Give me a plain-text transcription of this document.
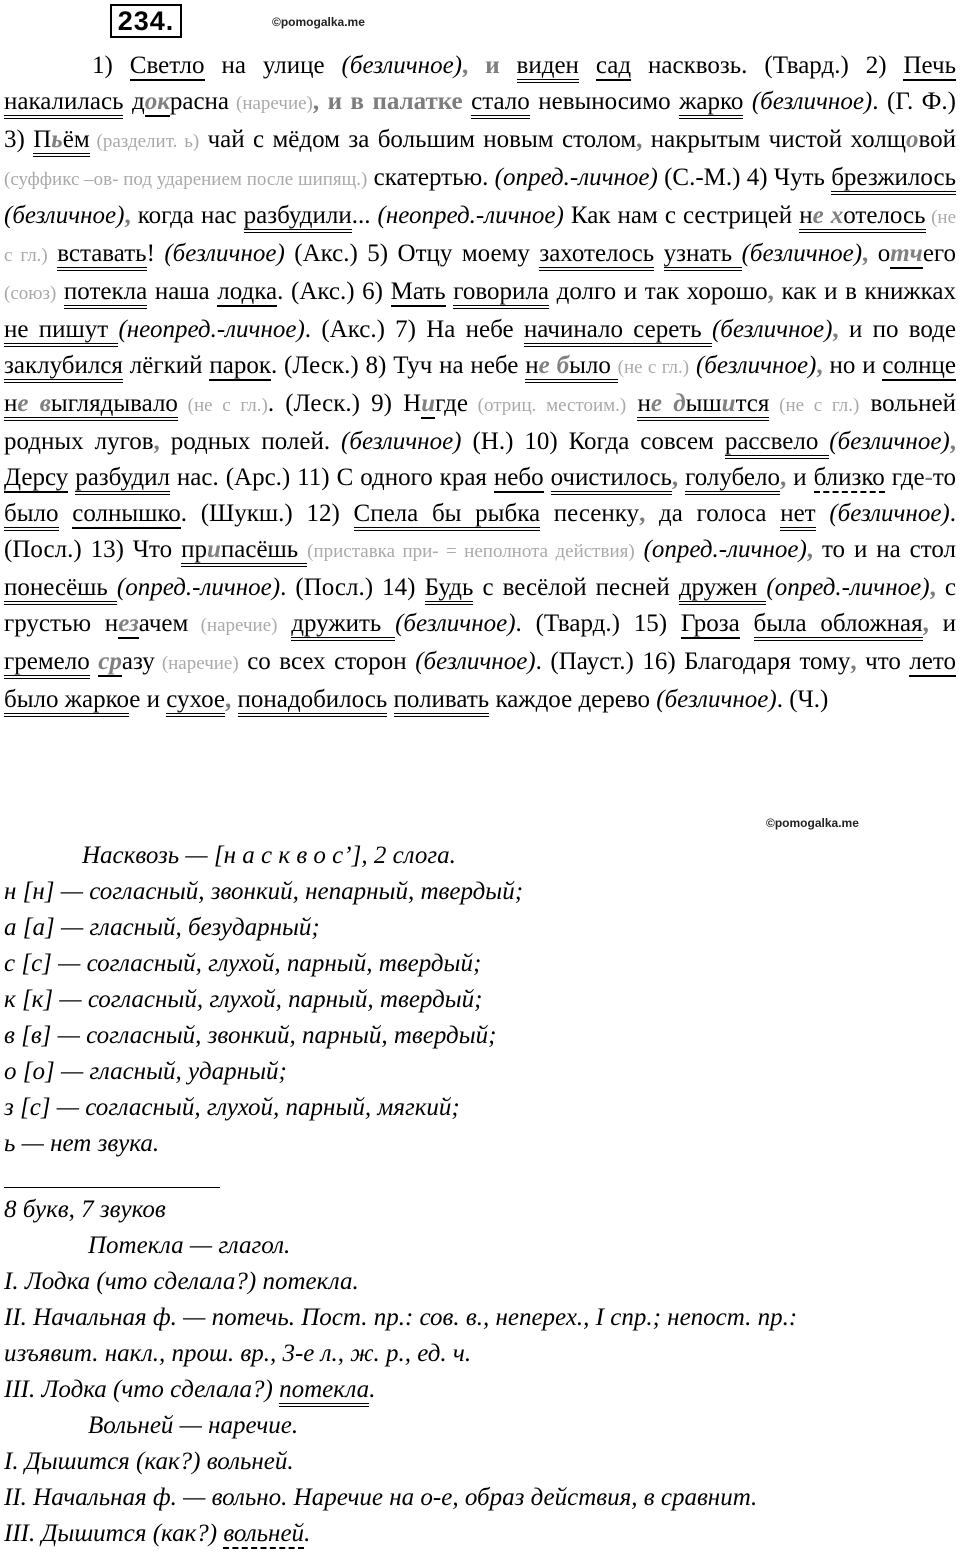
234.	©pomogalka.me

1) Светло на улице (безличное), и виден сад насквозь. (Твард.) 2) Печь накалилась докрасна (наречие), и в палатке стало невыносимо жарко (безличное). (Г. Ф.) 3) Пьём (разделит. ь) чай с мёдом за большим новым столом, накрытым чистой холщовой (суффикс –ов- под ударением после шипящ.) скатертью. (опред.-личное) (С.-М.) 4) Чуть брезжилось (безличное), когда нас разбудили... (неопред.-личное) Как нам с сестрицей не хотелось (не с гл.) вставать! (безличное) (Акс.) 5) Отцу моему захотелось узнать (безличное), отчего (союз) потекла наша лодка. (Акс.) 6) Мать говорила долго и так хорошо, как и в книжках не пишут (неопред.-личное). (Акс.) 7) На небе начинало сереть (безличное), и по воде заклубился лёгкий парок. (Леск.) 8) Туч на небе не было (не с гл.) (безличное), но и солнце не выглядывало (не с гл.). (Леск.) 9) Нигде (отриц. местоим.) не дышится (не с гл.) вольней родных лугов, родных полей. (безличное) (Н.) 10) Когда совсем рассвело (безличное), Дерсу разбудил нас. (Арс.) 11) С одного края небо очистилось, голубело, и близко где-то было солнышко. (Шукш.) 12) Спела бы рыбка песенку, да голоса нет (безличное). (Посл.) 13) Что припасёшь (приставка при- = неполнота действия) (опред.-личное), то и на стол понесёшь (опред.-личное). (Посл.) 14) Будь с весёлой песней дружен (опред.-личное), с грустью незачем (наречие) дружить (безличное). (Твард.) 15) Гроза была обложная, и гремело сразу (наречие) со всех сторон (безличное). (Пауст.) 16) Благодаря тому, что лето было жаркое и сухое, понадобилось поливать каждое дерево (безличное). (Ч.)

©pomogalka.me
Насквозь — [н а с к в о с’], 2 слога.
н [н] — согласный, звонкий, непарный, твердый;
а [а] — гласный, безударный;
с [с] — согласный, глухой, парный, твердый;
к [к] — согласный, глухой, парный, твердый;
в [в] — согласный, звонкий, парный, твердый;
о [о] — гласный, ударный;
з [с] — согласный, глухой, парный, мягкий;
ь — нет звука.
8 букв, 7 звуков
Потекла — глагол.
I. Лодка (что сделала?) потекла.
II. Начальная ф. — потечь. Пост. пр.: сов. в., неперех., I спр.; непост. пр.:
изъявит. накл., прош. вр., 3-е л., ж. р., ед. ч.
III. Лодка (что сделала?) потекла.
Вольней — наречие.
I. Дышится (как?) вольней.
II. Начальная ф. — вольно. Наречие на о-е, образ действия, в сравнит.
III. Дышится (как?) вольней.
